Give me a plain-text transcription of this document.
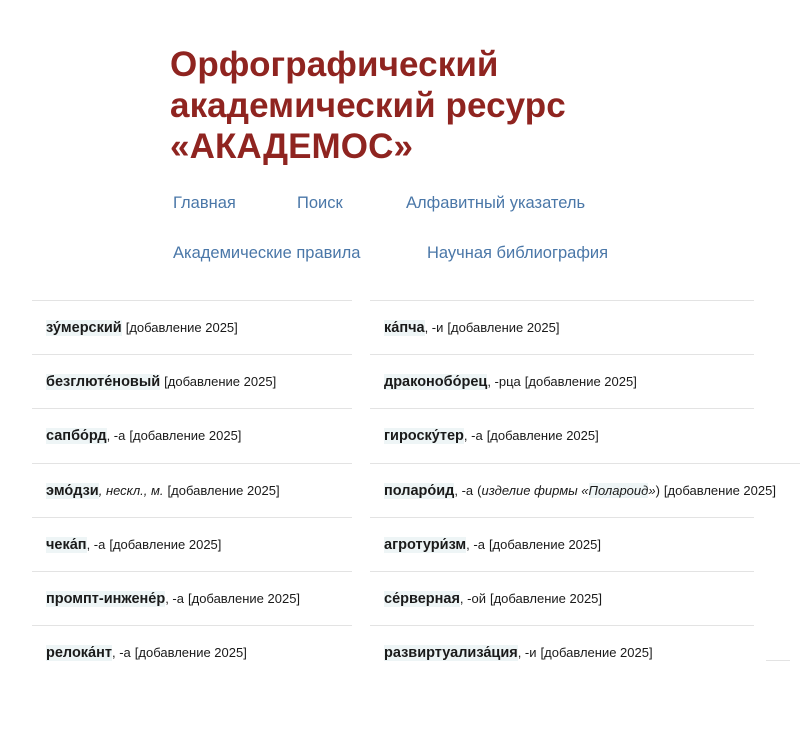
Орфографический
академический ресурс
«АКАДЕМОС»
Главная	Поиск	Алфавитный указатель
Академические правила	Научная библиография
зу́мерский [добавление 2025]
безглюте́новый [добавление 2025]
сапбо́рд , -а [добавление 2025]
эмо́дзи , нескл., м. [добавление 2025]
чека́п , -а [добавление 2025]
промпт-инжене́р , -а [добавление 2025]
релока́нт , -а [добавление 2025]
ка́пча , -и [добавление 2025]
драконобо́рец , -рца [добавление 2025]
гироску́тер , -а [добавление 2025]
поларо́ид , -а (изделие фирмы «Полароид») [добавление 2025]
агротури́зм , -а [добавление 2025]
се́рверная , -ой [добавление 2025]
развиртуализа́ция , -и [добавление 2025]
